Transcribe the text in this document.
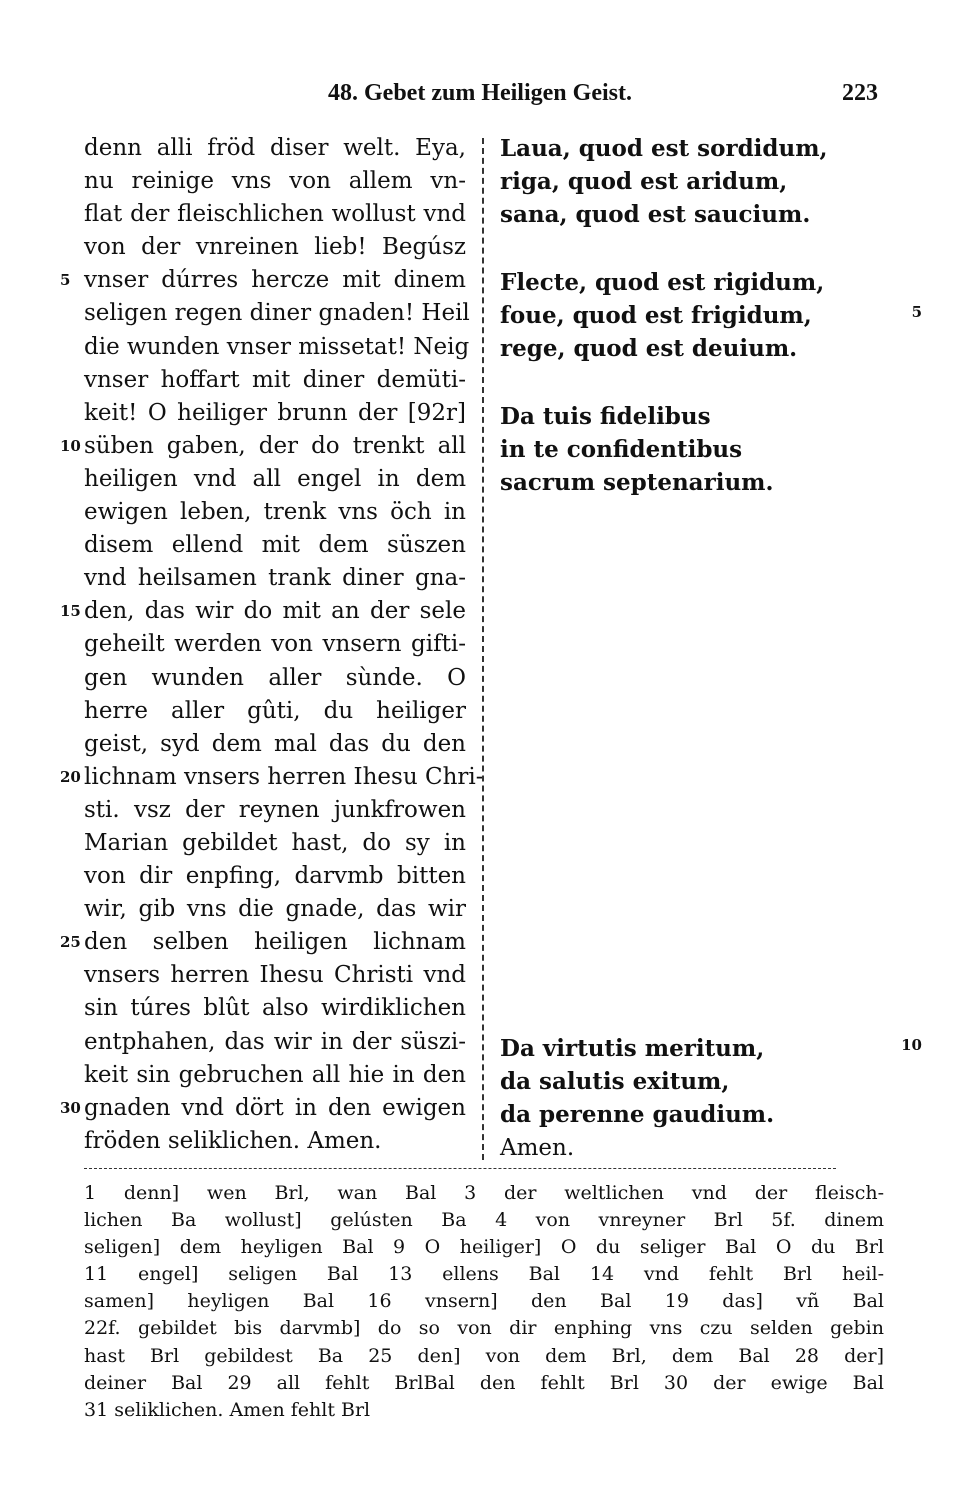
48. Gebet zum Heiligen Geist.	223
denn alli fröd diser welt. Eya,
nu reinige vns von allem vn-
flat der fleischlichen wollust vnd
von der vnreinen lieb! Begúsz
5 vnser dúrres hercze mit dinem
seligen regen diner gnaden! Heil
die wunden vnser missetat! Neig
vnser hoffart mit diner demüti-
keit! O heiliger brunn der [92r]
10 süben gaben, der do trenkt all
heiligen vnd all engel in dem
ewigen leben, trenk vns öch in
disem ellend mit dem süszen
vnd heilsamen trank diner gna-
15 den, das wir do mit an der sele
geheilt werden von vnsern gifti-
gen wunden aller sùnde. O
herre aller gûti, du heiliger
geist, syd dem mal das du den
20 lichnam vnsers herren Ihesu Chri-
sti. vsz der reynen junkfrowen
Marian gebildet hast, do sy in
von dir enpfing, darvmb bitten
wir, gib vns die gnade, das wir
25 den selben heiligen lichnam
vnsers herren Ihesu Christi vnd
sin túres blût also wirdiklichen
entphahen, das wir in der süszi-
keit sin gebruchen all hie in den
30 gnaden vnd dört in den ewigen
fröden seliklichen. Amen.
Laua, quod est sordidum,
riga, quod est aridum,
sana, quod est saucium.
Flecte, quod est rigidum,
foue, quod est frigidum,
rege, quod est deuium.
Da tuis fidelibus
in te confidentibus
sacrum septenarium.
Da virtutis meritum,
da salutis exitum,
da perenne gaudium.
Amen.
5
10
1 denn] wen Brl, wan Bal 3 der weltlichen vnd der fleisch-
lichen Ba wollust] gelústen Ba 4 von vnreyner Brl 5f. dinem
seligen] dem heyligen Bal 9 O heiliger] O du seliger Bal O du Brl
11 engel] seligen Bal 13 ellens Bal 14 vnd fehlt Brl heil-
samen] heyligen Bal 16 vnsern] den Bal 19 das] vñ Bal
22f. gebildet bis darvmb] do so von dir enphing vns czu selden gebin
hast Brl gebildest Ba 25 den] von dem Brl, dem Bal 28 der]
deiner Bal 29 all fehlt BrlBal den fehlt Brl 30 der ewige Bal
31 seliklichen. Amen fehlt Brl
